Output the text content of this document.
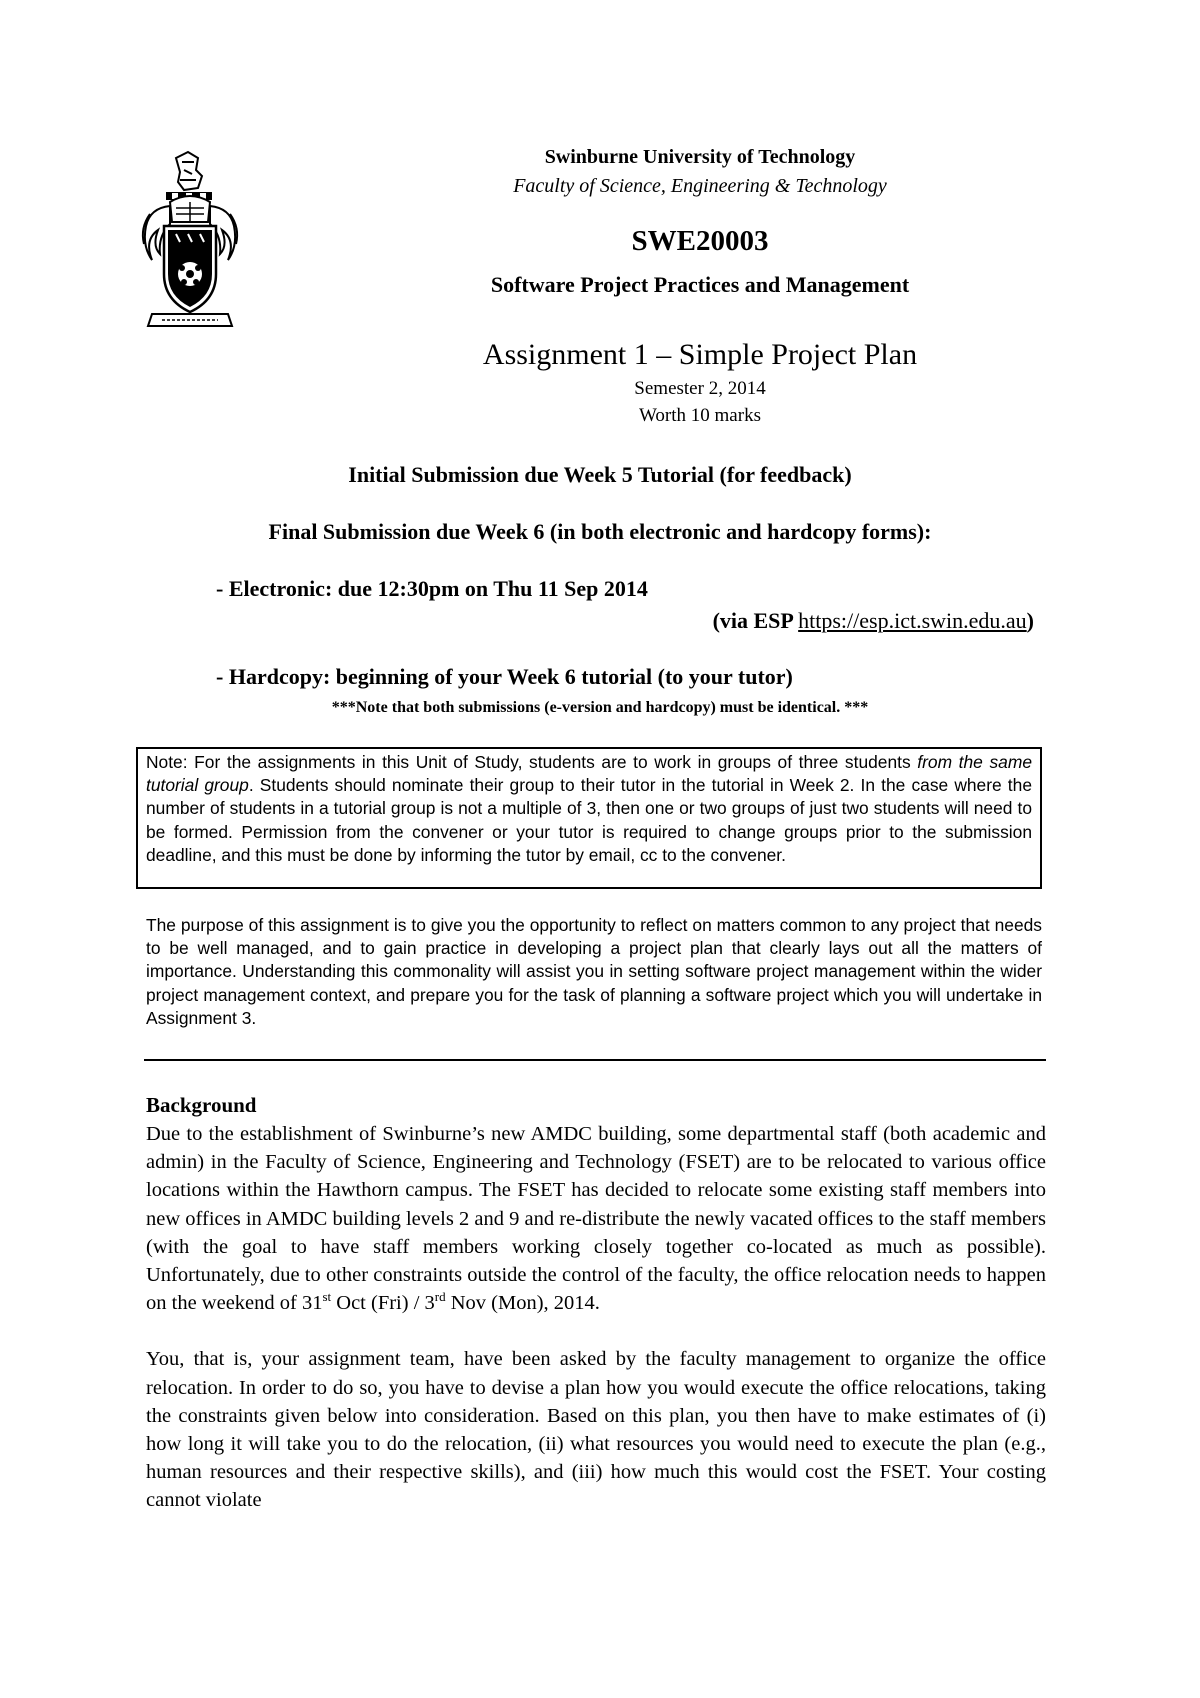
Swinburne University of Technology
Faculty of Science, Engineering & Technology
SWE20003
Software Project Practices and Management
Assignment 1 – Simple Project Plan
Semester 2, 2014
Worth 10 marks
Initial Submission due Week 5 Tutorial (for feedback)
Final Submission due Week 6 (in both electronic and hardcopy forms):
- Electronic: due 12:30pm on Thu 11 Sep 2014
(via ESP https://esp.ict.swin.edu.au)
- Hardcopy: beginning of your Week 6 tutorial (to your tutor)
***Note that both submissions (e-version and hardcopy) must be identical. ***
Note: For the assignments in this Unit of Study, students are to work in groups of three students from the same tutorial group. Students should nominate their group to their tutor in the tutorial in Week 2. In the case where the number of students in a tutorial group is not a multiple of 3, then one or two groups of just two students will need to be formed. Permission from the convener or your tutor is required to change groups prior to the submission deadline, and this must be done by informing the tutor by email, cc to the convener.
The purpose of this assignment is to give you the opportunity to reflect on matters common to any project that needs to be well managed, and to gain practice in developing a project plan that clearly lays out all the matters of importance. Understanding this commonality will assist you in setting software project management within the wider project management context, and prepare you for the task of planning a software project which you will undertake in Assignment 3.
Background

Due to the establishment of Swinburne’s new AMDC building, some departmental staff (both academic and admin) in the Faculty of Science, Engineering and Technology (FSET) are to be relocated to various office locations within the Hawthorn campus. The FSET has decided to relocate some existing staff members into new offices in AMDC building levels 2 and 9 and re-distribute the newly vacated offices to the staff members (with the goal to have staff members working closely together co-located as much as possible). Unfortunately, due to other constraints outside the control of the faculty, the office relocation needs to happen on the weekend of 31st Oct (Fri) / 3rd Nov (Mon), 2014.

You, that is, your assignment team, have been asked by the faculty management to organize the office relocation. In order to do so, you have to devise a plan how you would execute the office relocations, taking the constraints given below into consideration. Based on this plan, you then have to make estimates of (i) how long it will take you to do the relocation, (ii) what resources you would need to execute the plan (e.g., human resources and their respective skills), and (iii) how much this would cost the FSET. Your costing cannot violate
